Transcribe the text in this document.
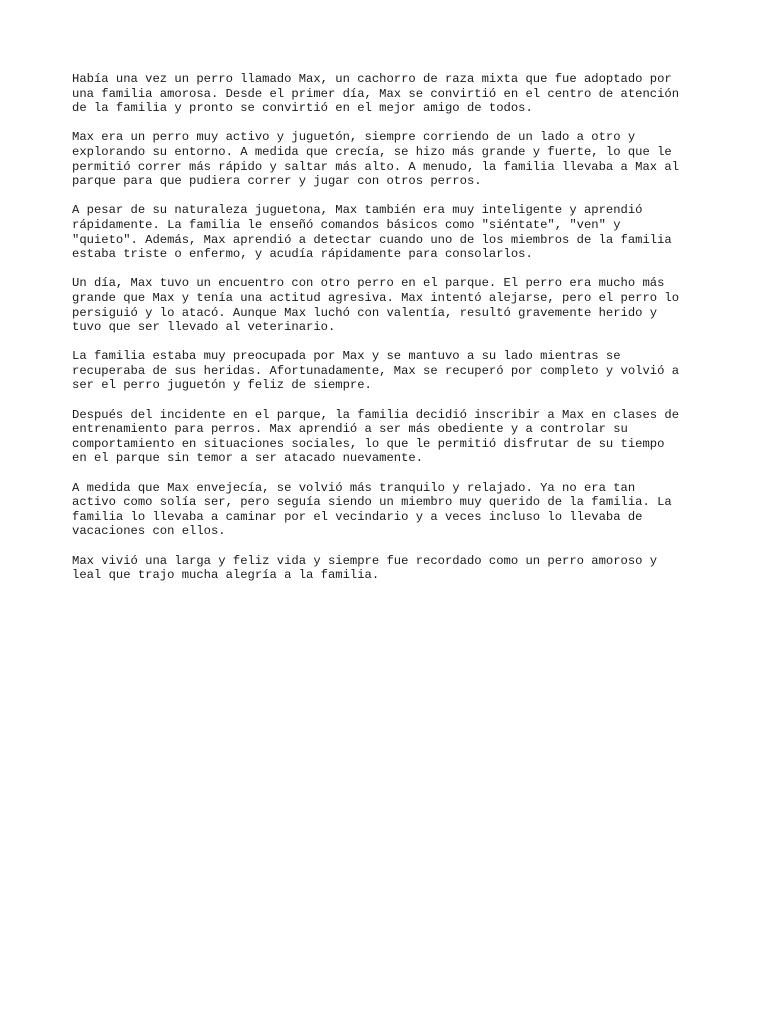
Había una vez un perro llamado Max, un cachorro de raza mixta que fue adoptado por
una familia amorosa. Desde el primer día, Max se convirtió en el centro de atención
de la familia y pronto se convirtió en el mejor amigo de todos.
Max era un perro muy activo y juguetón, siempre corriendo de un lado a otro y
explorando su entorno. A medida que crecía, se hizo más grande y fuerte, lo que le
permitió correr más rápido y saltar más alto. A menudo, la familia llevaba a Max al
parque para que pudiera correr y jugar con otros perros.
A pesar de su naturaleza juguetona, Max también era muy inteligente y aprendió
rápidamente. La familia le enseñó comandos básicos como "siéntate", "ven" y
"quieto". Además, Max aprendió a detectar cuando uno de los miembros de la familia
estaba triste o enfermo, y acudía rápidamente para consolarlos.
Un día, Max tuvo un encuentro con otro perro en el parque. El perro era mucho más
grande que Max y tenía una actitud agresiva. Max intentó alejarse, pero el perro lo
persiguió y lo atacó. Aunque Max luchó con valentía, resultó gravemente herido y
tuvo que ser llevado al veterinario.
La familia estaba muy preocupada por Max y se mantuvo a su lado mientras se
recuperaba de sus heridas. Afortunadamente, Max se recuperó por completo y volvió a
ser el perro juguetón y feliz de siempre.
Después del incidente en el parque, la familia decidió inscribir a Max en clases de
entrenamiento para perros. Max aprendió a ser más obediente y a controlar su
comportamiento en situaciones sociales, lo que le permitió disfrutar de su tiempo
en el parque sin temor a ser atacado nuevamente.
A medida que Max envejecía, se volvió más tranquilo y relajado. Ya no era tan
activo como solía ser, pero seguía siendo un miembro muy querido de la familia. La
familia lo llevaba a caminar por el vecindario y a veces incluso lo llevaba de
vacaciones con ellos.
Max vivió una larga y feliz vida y siempre fue recordado como un perro amoroso y
leal que trajo mucha alegría a la familia.
